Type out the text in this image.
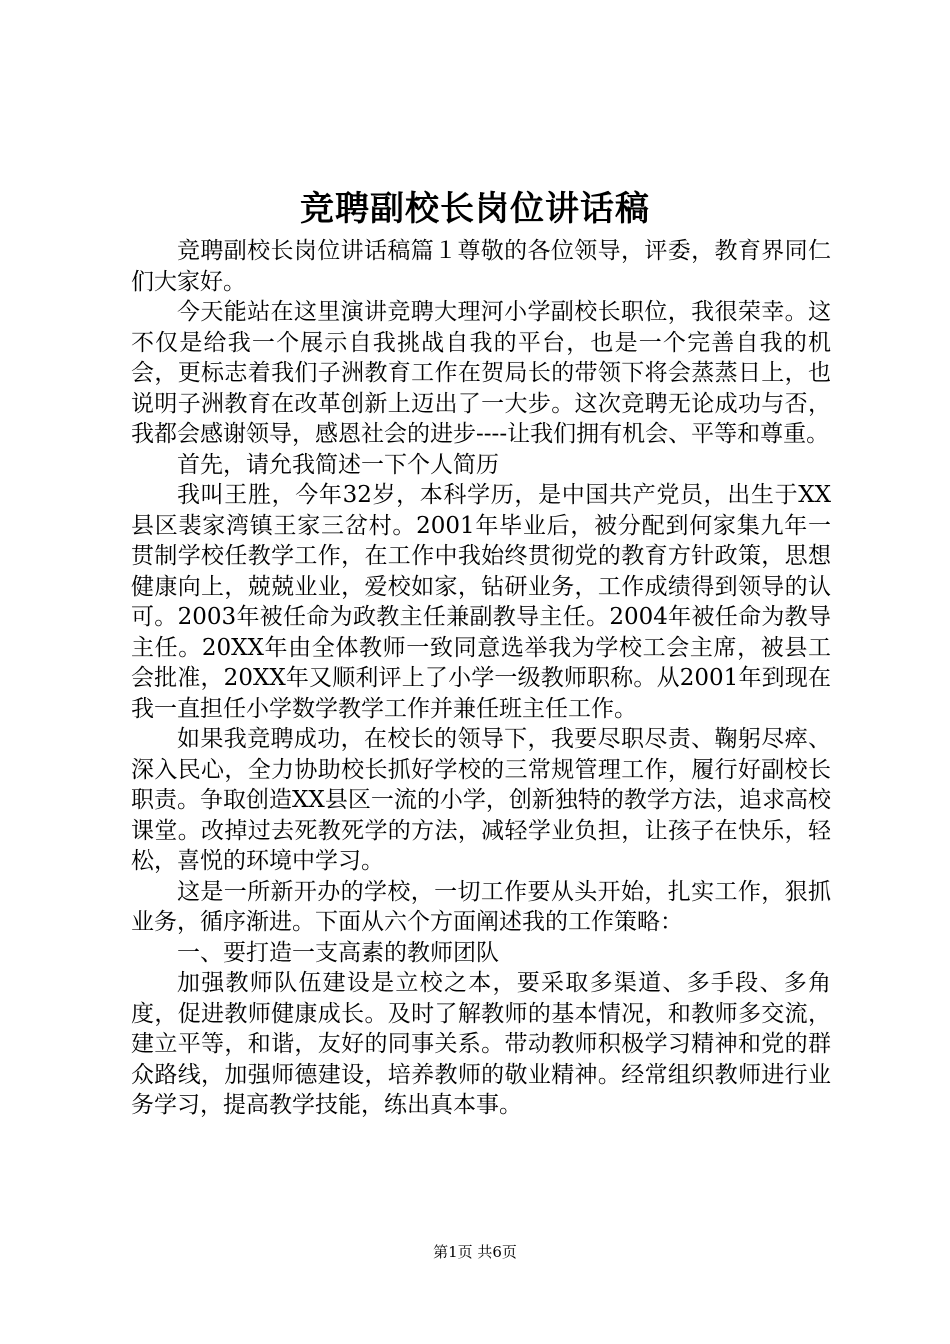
竞聘副校长岗位讲话稿

竞聘副校长岗位讲话稿篇１尊敬的各位领导，评委，教育界同仁们大家好。

今天能站在这里演讲竞聘大理河小学副校长职位，我很荣幸。这不仅是给我一个展示自我挑战自我的平台，也是一个完善自我的机会，更标志着我们子洲教育工作在贺局长的带领下将会蒸蒸日上，也说明子洲教育在改革创新上迈出了一大步。这次竞聘无论成功与否，我都会感谢领导，感恩社会的进步----让我们拥有机会、平等和尊重。

首先，请允我简述一下个人简历

我叫王胜，今年32岁，本科学历，是中国共产党员，出生于XX县区裴家湾镇王家三岔村。2001年毕业后，被分配到何家集九年一贯制学校任教学工作，在工作中我始终贯彻党的教育方针政策，思想健康向上，兢兢业业，爱校如家，钻研业务，工作成绩得到领导的认可。2003年被任命为政教主任兼副教导主任。2004年被任命为教导主任。20XX年由全体教师一致同意选举我为学校工会主席，被县工会批准，20XX年又顺利评上了小学一级教师职称。从2001年到现在我一直担任小学数学教学工作并兼任班主任工作。

如果我竞聘成功，在校长的领导下，我要尽职尽责、鞠躬尽瘁、深入民心，全力协助校长抓好学校的三常规管理工作，履行好副校长职责。争取创造XX县区一流的小学，创新独特的教学方法，追求高校课堂。改掉过去死教死学的方法，减轻学业负担，让孩子在快乐，轻松，喜悦的环境中学习。

这是一所新开办的学校，一切工作要从头开始，扎实工作，狠抓业务，循序渐进。下面从六个方面阐述我的工作策略：

一、要打造一支高素的教师团队

加强教师队伍建设是立校之本，要采取多渠道、多手段、多角度，促进教师健康成长。及时了解教师的基本情况，和教师多交流，建立平等，和谐，友好的同事关系。带动教师积极学习精神和党的群众路线，加强师德建设，培养教师的敬业精神。经常组织教师进行业务学习，提高教学技能，练出真本事。

第1页 共6页
